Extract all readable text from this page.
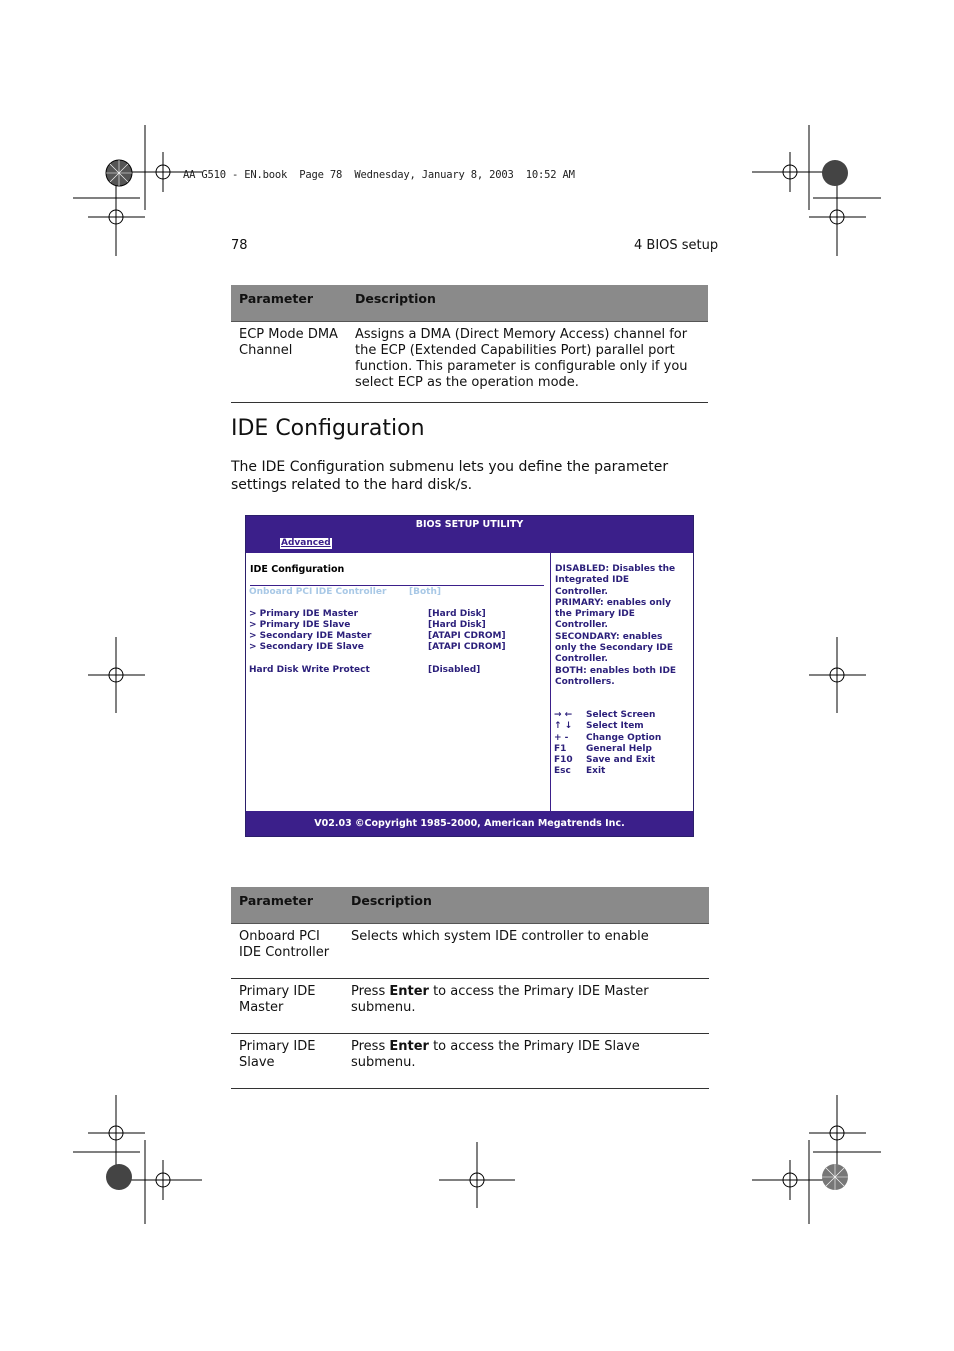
AA G510 - EN.book  Page 78  Wednesday, January 8, 2003  10:52 AM
78	4 BIOS setup
Parameter	Description
ECP Mode DMA Channel	Assigns a DMA (Direct Memory Access) channel for the ECP (Extended Capabilities Port) parallel port function. This parameter is configurable only if you select ECP as the operation mode.
IDE Configuration

The IDE Configuration submenu lets you define the parameter settings related to the hard disk/s.

BIOS SETUP UTILITY
Advanced
IDE Configuration
Onboard PCI IDE Controller	[Both]
> Primary IDE Master	[Hard Disk]
> Primary IDE Slave	[Hard Disk]
> Secondary IDE Master	[ATAPI CDROM]
> Secondary IDE Slave	[ATAPI CDROM]
Hard Disk Write Protect	[Disabled]

DISABLED: Disables the

Integrated IDE

Controller.

PRIMARY: enables only

the Primary IDE

Controller.

SECONDARY: enables

only the Secondary IDE

Controller.

BOTH: enables both IDE

Controllers.

→ ← Select Screen
↑ ↓ Select Item
+ - Change Option
F1 General Help
F10 Save and Exit
Esc Exit
V02.03 ©Copyright 1985-2000, American Megatrends Inc.
Parameter	Description
Onboard PCI IDE Controller	Selects which system IDE controller to enable
Primary IDE Master	Press Enter to access the Primary IDE Master submenu.
Primary IDE Slave	Press Enter to access the Primary IDE Slave submenu.
